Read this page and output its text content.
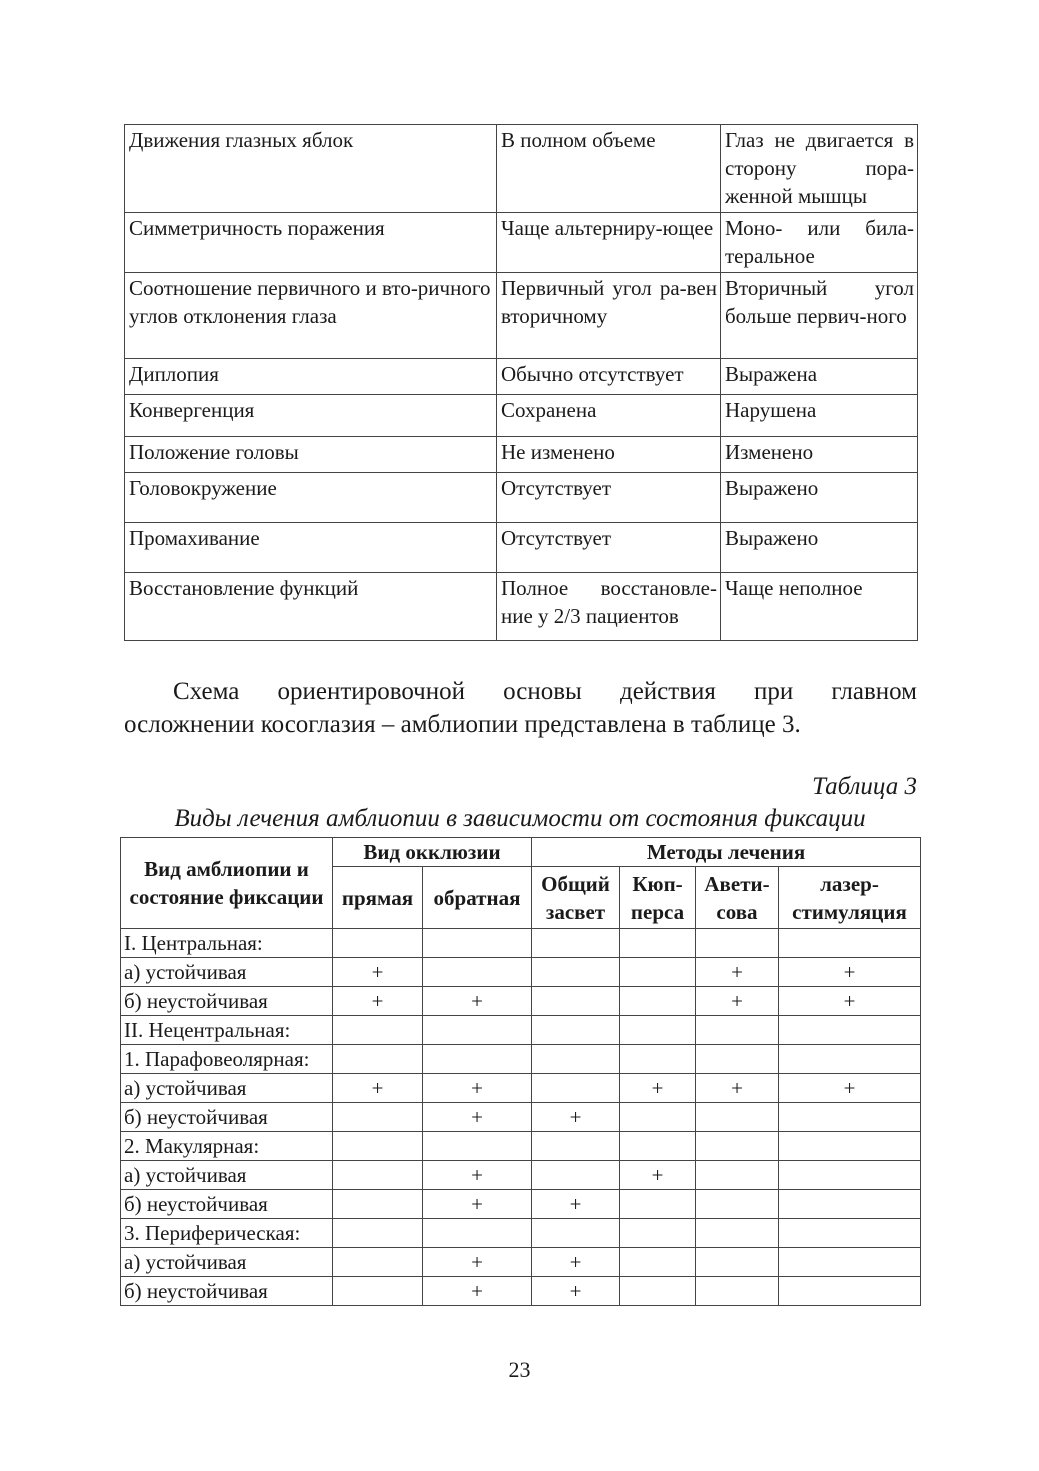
Движения глазных яблок	В полном объеме	Глаз не двигается в сторону пора-женной мышцы
Симметричность поражения	Чаще альтерниру-ющее	Моно- или била-теральное
Соотношение первичного и вто-ричного углов отклонения глаза	Первичный угол ра-вен вторичному	Вторичный угол больше первич-ного
Диплопия	Обычно отсутствует	Выражена
Конвергенция	Сохранена	Нарушена
Положение головы	Не изменено	Изменено
Головокружение	Отсутствует	Выражено
Промахивание	Отсутствует	Выражено
Восстановление функций	Полное восстановле-ние у 2/3 пациентов	Чаще неполное

Схема ориентировочной основы действия при главном
осложнении косоглазия – амблиопии представлена в таблице 3.

Таблица 3

Виды лечения амблиопии в зависимости от состояния фиксации

Вид амблиопии и состояние фиксации	Вид окклюзии		Методы лечения			
	прямая	обратная	Общий засвет	Кюп-перса	Авети-сова	лазер-стимуляция
I. Центральная:						
а) устойчивая	+				+	+
б) неустойчивая	+	+			+	+
II. Нецентральная:						
1. Парафовеолярная:						
а) устойчивая	+	+		+	+	+
б) неустойчивая		+	+			
2. Макулярная:						
а) устойчивая		+		+		
б) неустойчивая		+	+			
3. Периферическая:						
а) устойчивая		+	+			
б) неустойчивая		+	+			

23
